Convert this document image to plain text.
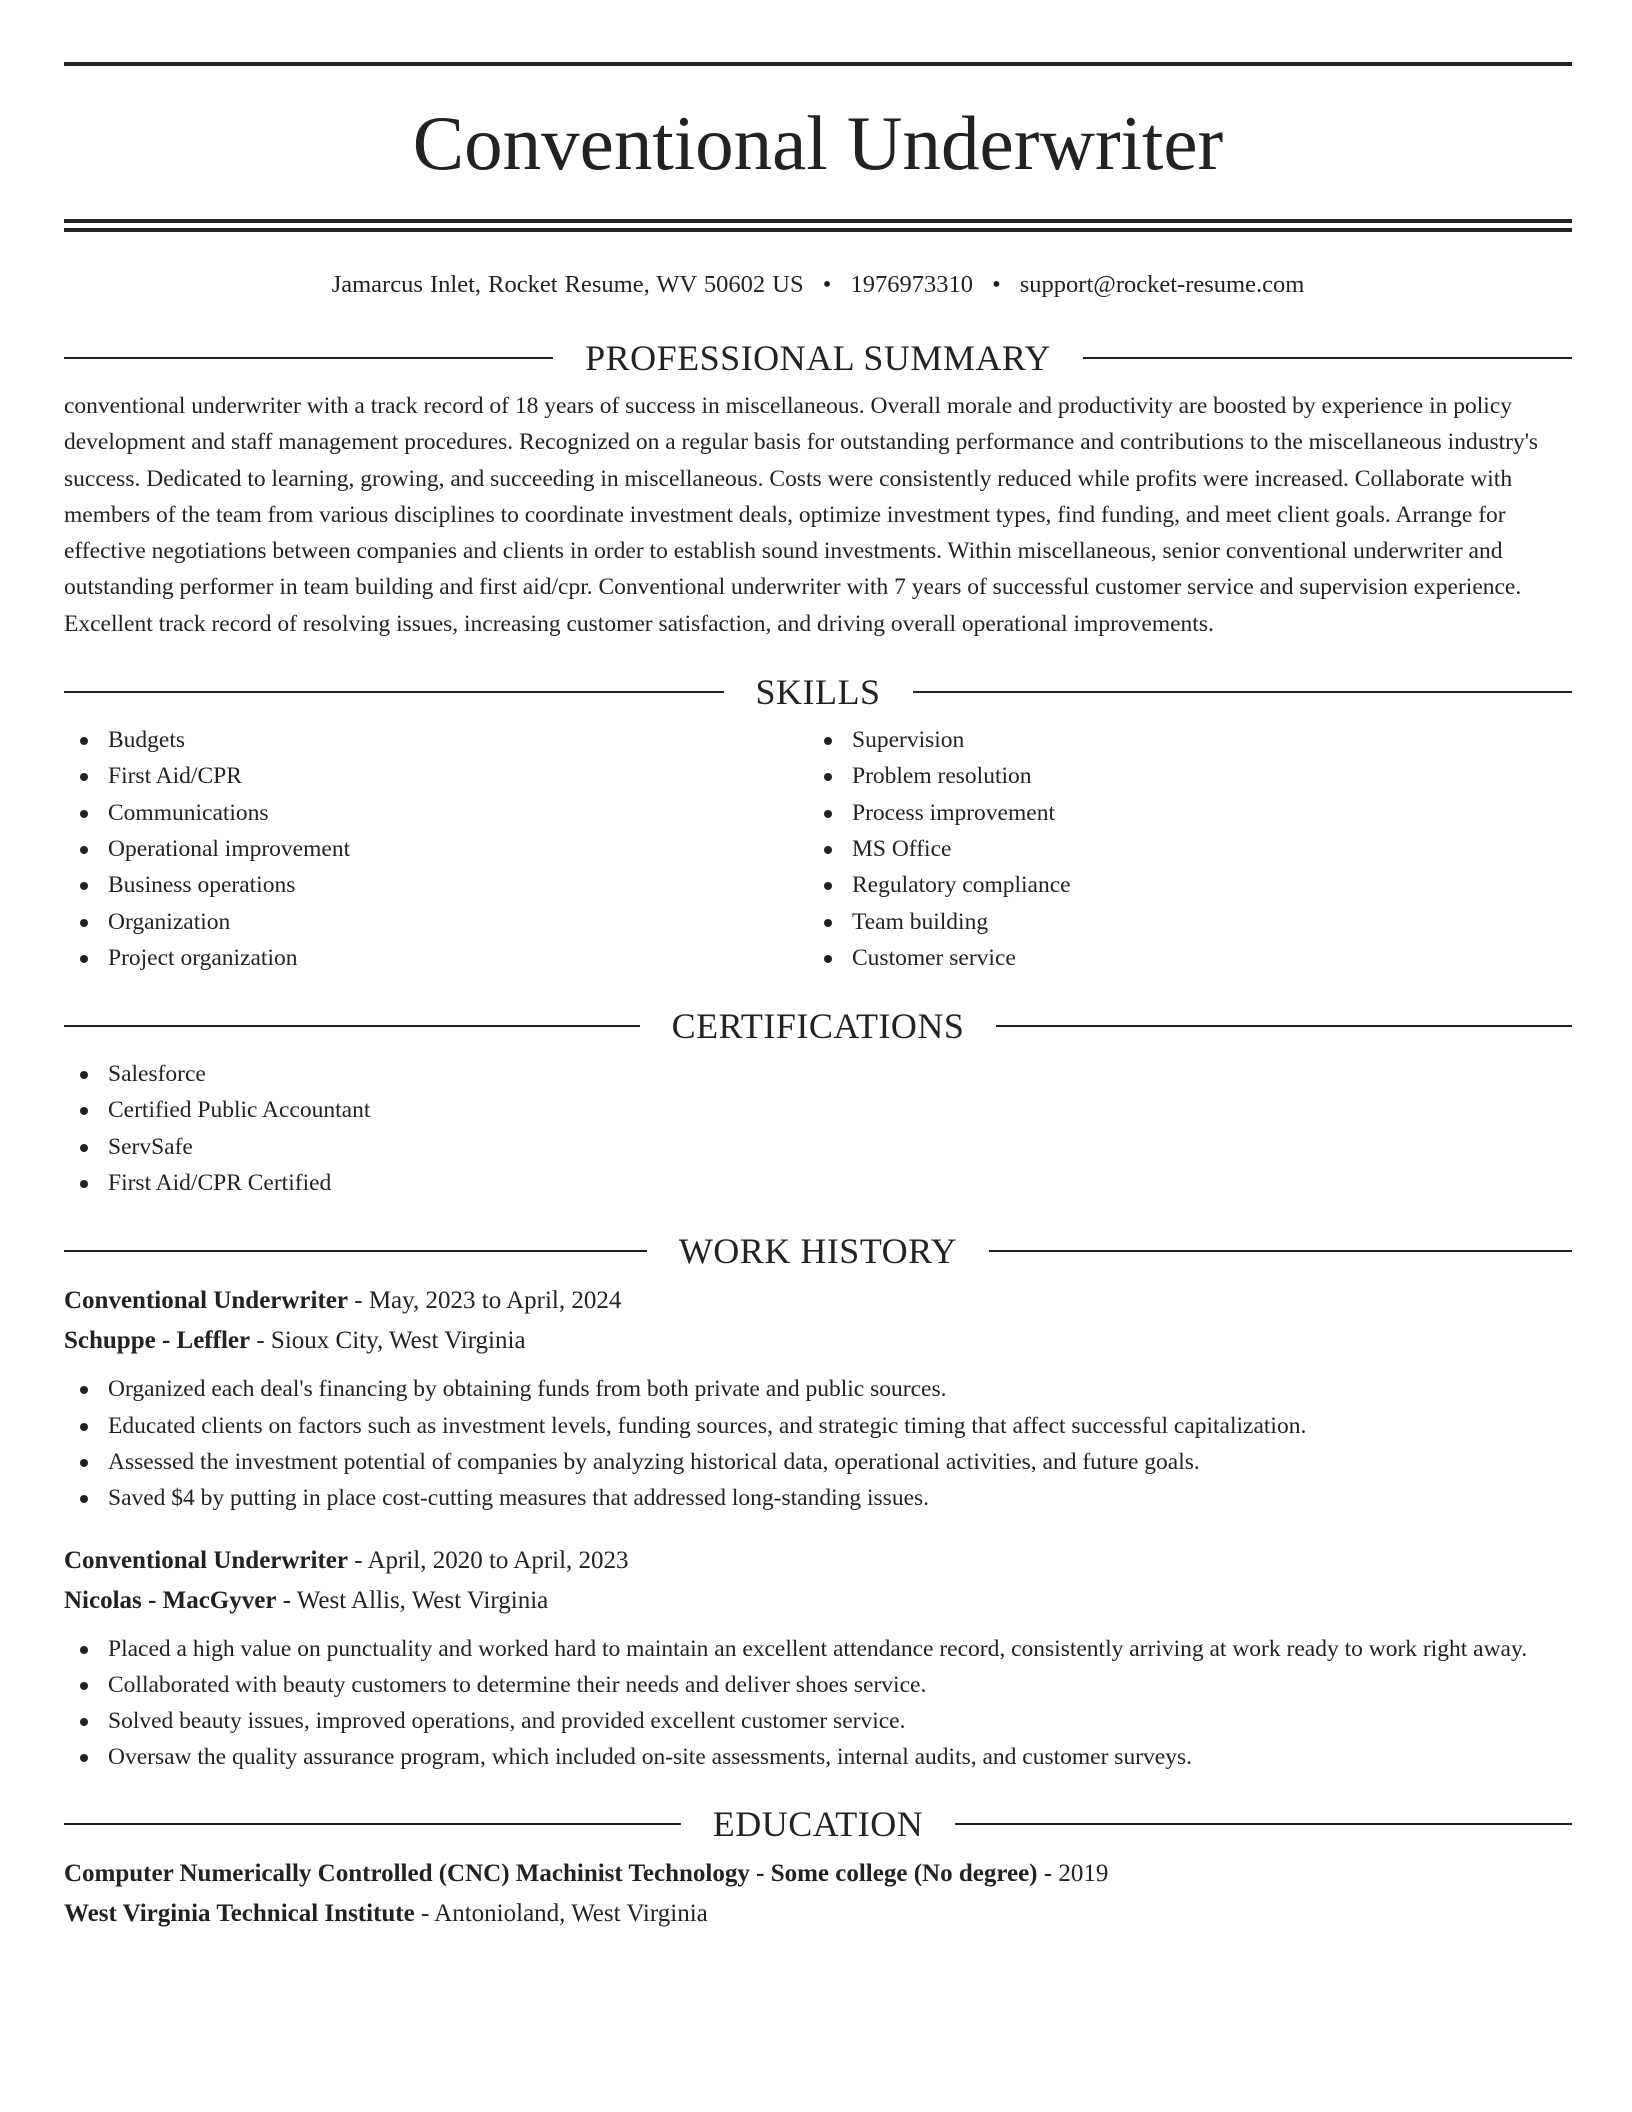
Conventional Underwriter
Jamarcus Inlet, Rocket Resume, WV 50602 US • 1976973310 • support@rocket-resume.com
PROFESSIONAL SUMMARY

conventional underwriter with a track record of 18 years of success in miscellaneous. Overall morale and productivity are boosted by experience in policy development and staff management procedures. Recognized on a regular basis for outstanding performance and contributions to the miscellaneous industry's success. Dedicated to learning, growing, and succeeding in miscellaneous. Costs were consistently reduced while profits were increased. Collaborate with members of the team from various disciplines to coordinate investment deals, optimize investment types, find funding, and meet client goals. Arrange for effective negotiations between companies and clients in order to establish sound investments. Within miscellaneous, senior conventional underwriter and outstanding performer in team building and first aid/cpr. Conventional underwriter with 7 years of successful customer service and supervision experience. Excellent track record of resolving issues, increasing customer satisfaction, and driving overall operational improvements.

SKILLS
Budgets
First Aid/CPR
Communications
Operational improvement
Business operations
Organization
Project organization
Supervision
Problem resolution
Process improvement
MS Office
Regulatory compliance
Team building
Customer service
CERTIFICATIONS
Salesforce
Certified Public Accountant
ServSafe
First Aid/CPR Certified
WORK HISTORY
Conventional Underwriter - May, 2023 to April, 2024
Schuppe - Leffler - Sioux City, West Virginia
Organized each deal's financing by obtaining funds from both private and public sources.
Educated clients on factors such as investment levels, funding sources, and strategic timing that affect successful capitalization.
Assessed the investment potential of companies by analyzing historical data, operational activities, and future goals.
Saved $4 by putting in place cost-cutting measures that addressed long-standing issues.
Conventional Underwriter - April, 2020 to April, 2023
Nicolas - MacGyver - West Allis, West Virginia
Placed a high value on punctuality and worked hard to maintain an excellent attendance record, consistently arriving at work ready to work right away.
Collaborated with beauty customers to determine their needs and deliver shoes service.
Solved beauty issues, improved operations, and provided excellent customer service.
Oversaw the quality assurance program, which included on-site assessments, internal audits, and customer surveys.
EDUCATION
Computer Numerically Controlled (CNC) Machinist Technology - Some college (No degree) - 2019
West Virginia Technical Institute - Antonioland, West Virginia
